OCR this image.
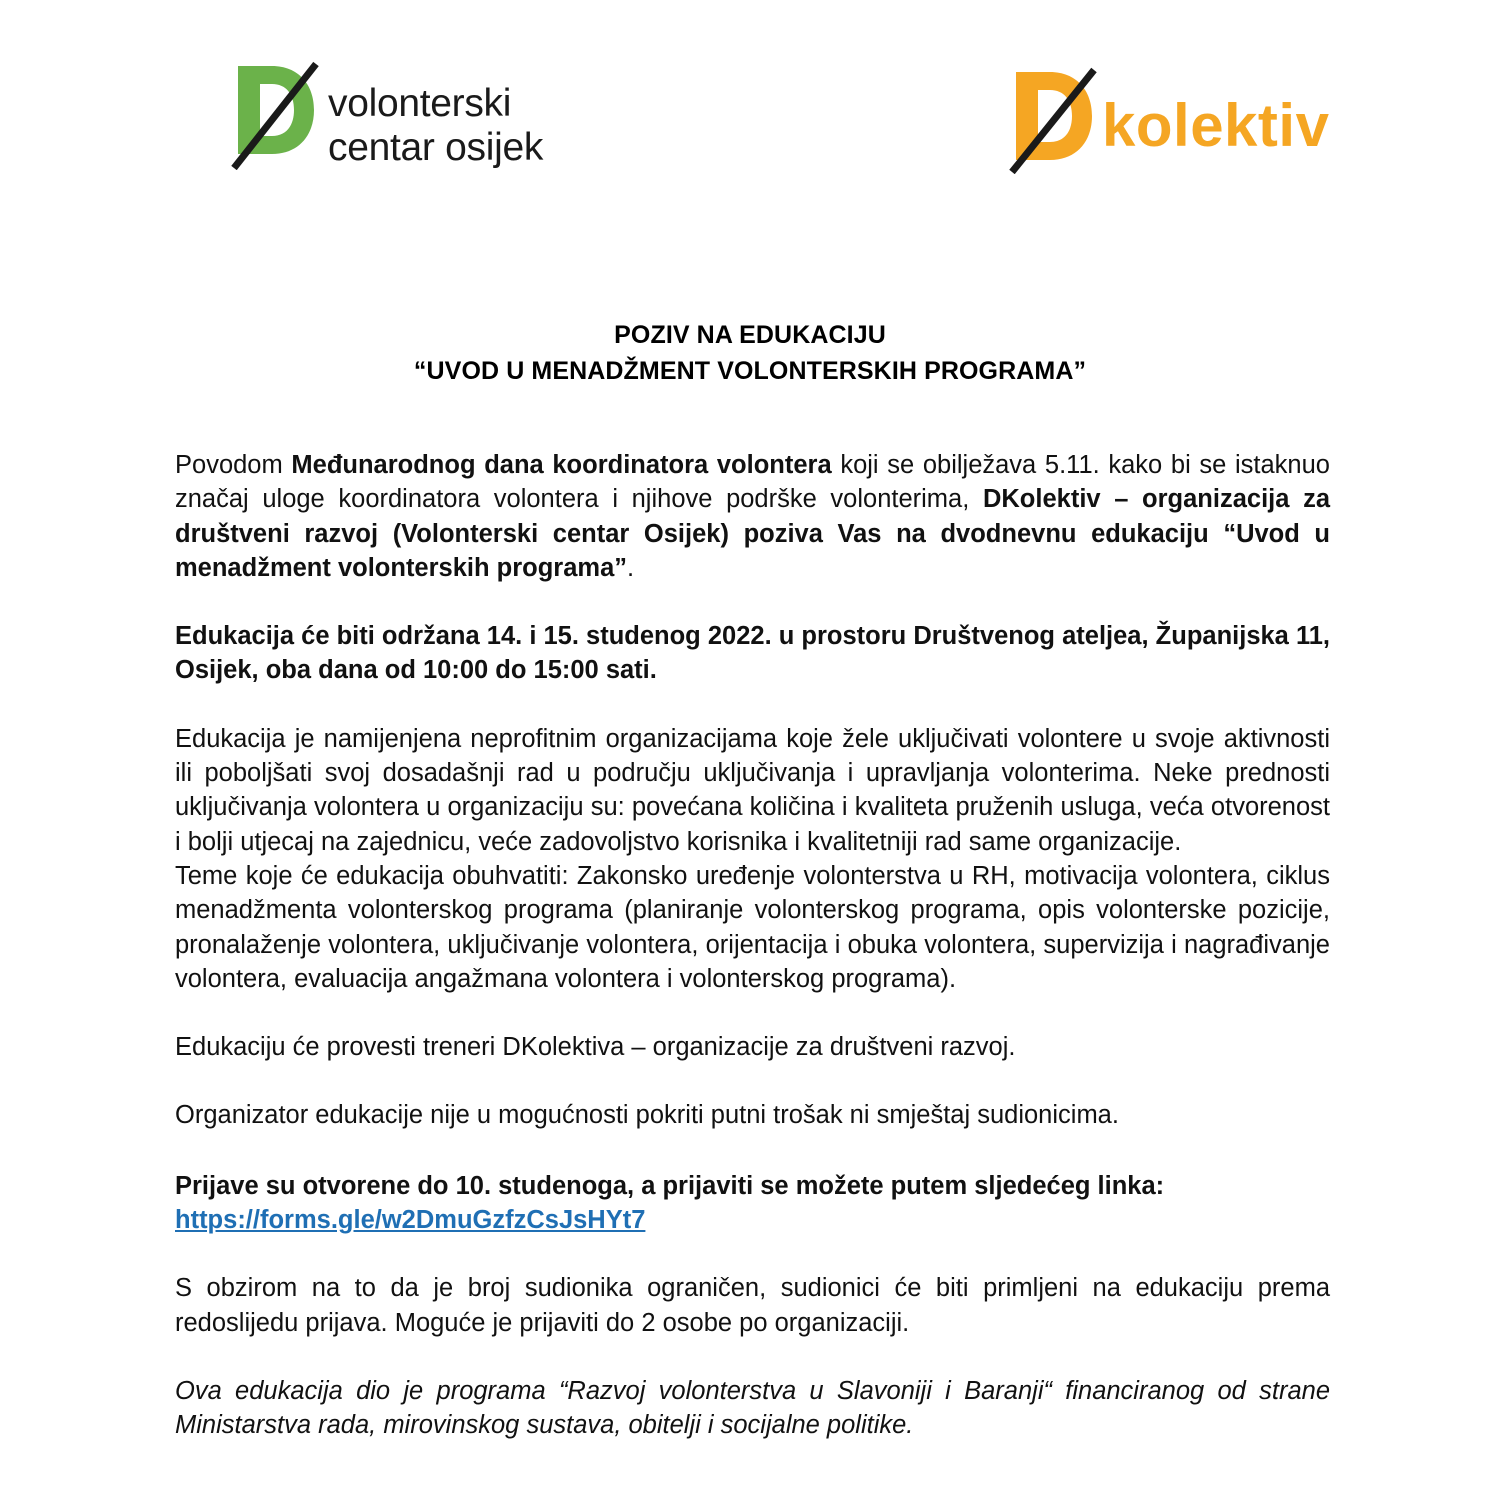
volonterski
centar osijek	kolektiv
POZIV NA EDUKACIJU
“UVOD U MENADŽMENT VOLONTERSKIH PROGRAMA”

Povodom Međunarodnog dana koordinatora volontera koji se obilježava 5.11. kako bi se istaknuo značaj uloge koordinatora volontera i njihove podrške volonterima, DKolektiv – organizacija za društveni razvoj (Volonterski centar Osijek) poziva Vas na dvodnevnu edukaciju “Uvod u menadžment volonterskih programa”.

Edukacija će biti održana 14. i 15. studenog 2022. u prostoru Društvenog ateljea, Županijska 11, Osijek, oba dana od 10:00 do 15:00 sati.

Edukacija je namijenjena neprofitnim organizacijama koje žele uključivati volontere u svoje aktivnosti ili poboljšati svoj dosadašnji rad u području uključivanja i upravljanja volonterima. Neke prednosti uključivanja volontera u organizaciju su: povećana količina i kvaliteta pruženih usluga, veća otvorenost i bolji utjecaj na zajednicu, veće zadovoljstvo korisnika i kvalitetniji rad same organizacije.

Teme koje će edukacija obuhvatiti: Zakonsko uređenje volonterstva u RH, motivacija volontera, ciklus menadžmenta volonterskog programa (planiranje volonterskog programa, opis volonterske pozicije, pronalaženje volontera, uključivanje volontera, orijentacija i obuka volontera, supervizija i nagrađivanje volontera, evaluacija angažmana volontera i volonterskog programa).

Edukaciju će provesti treneri DKolektiva – organizacije za društveni razvoj.

Organizator edukacije nije u mogućnosti pokriti putni trošak ni smještaj sudionicima.

Prijave su otvorene do 10. studenoga, a prijaviti se možete putem sljedećeg linka:
https://forms.gle/w2DmuGzfzCsJsHYt7

S obzirom na to da je broj sudionika ograničen, sudionici će biti primljeni na edukaciju prema redoslijedu prijava. Moguće je prijaviti do 2 osobe po organizaciji.

Ova edukacija dio je programa “Razvoj volonterstva u Slavoniji i Baranji“ financiranog od strane Ministarstva rada, mirovinskog sustava, obitelji i socijalne politike.
